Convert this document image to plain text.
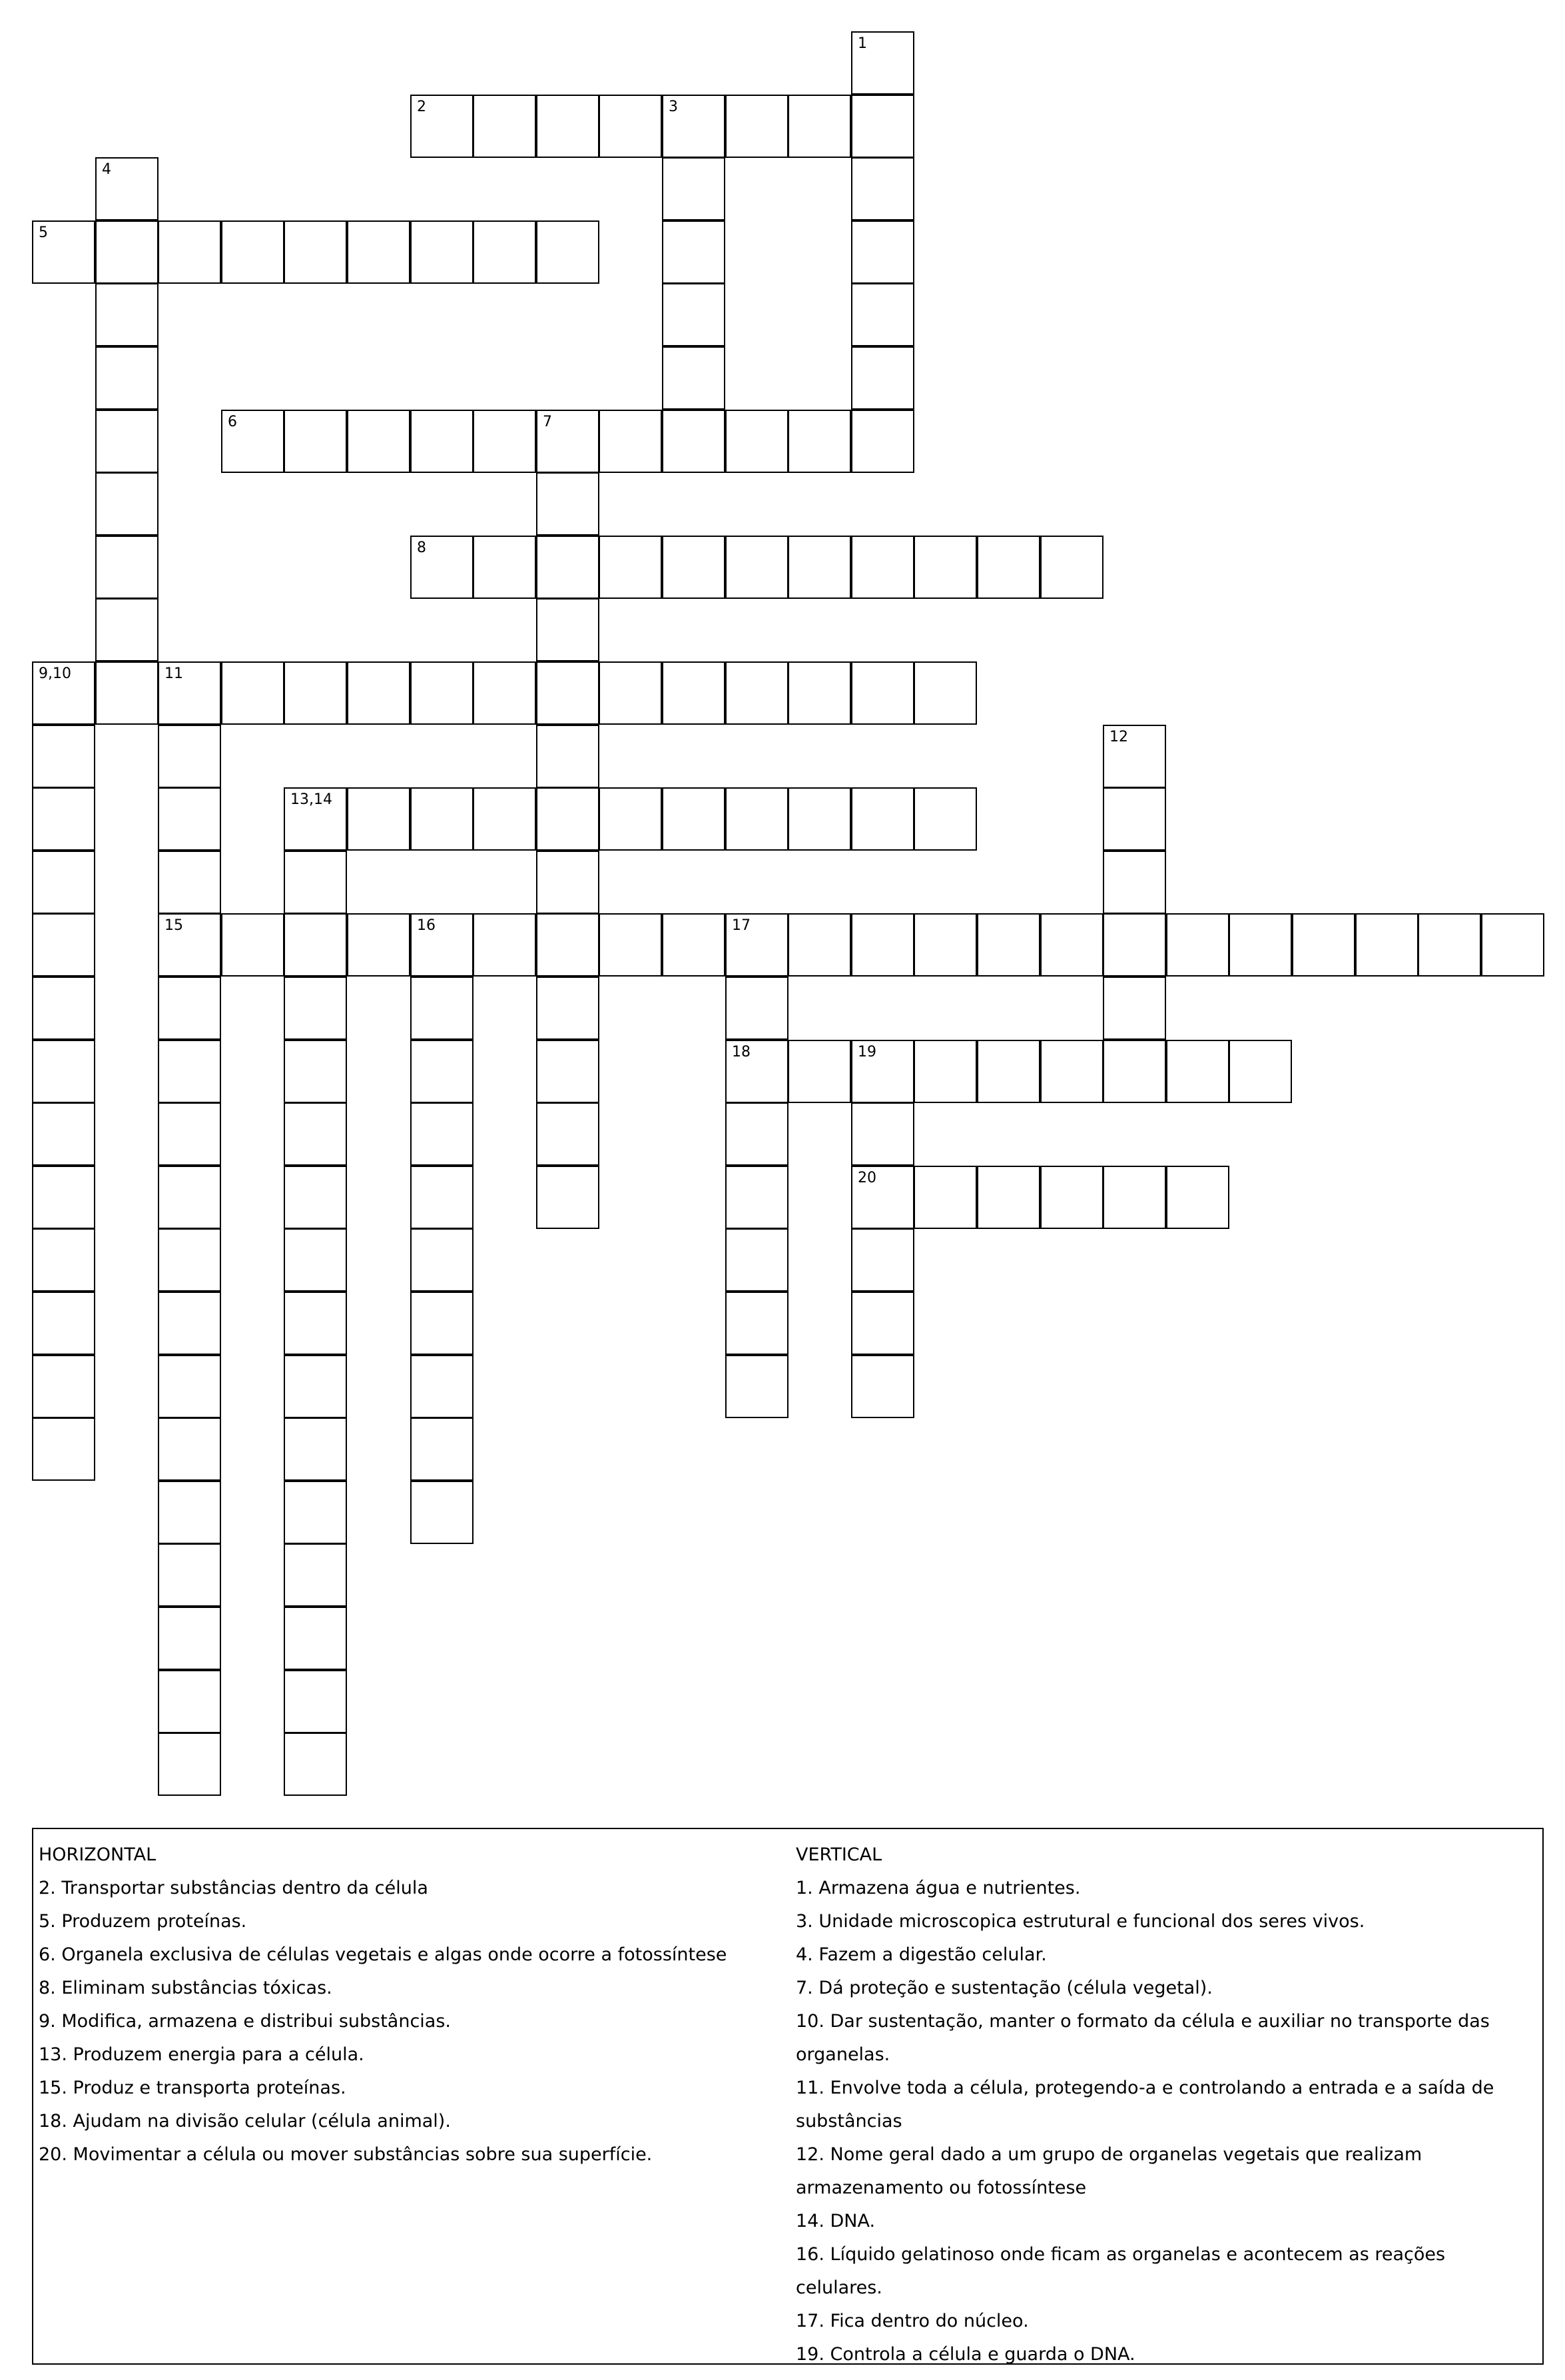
1
2	3
4
5
6	7
8
9,10	11
12
13,14
15	16	17
18	19
20

HORIZONTAL

2. Transportar substâncias dentro da célula

5. Produzem proteínas.

6. Organela exclusiva de células vegetais e algas onde ocorre a fotossíntese

8. Eliminam substâncias tóxicas.

9. Modifica, armazena e distribui substâncias.

13. Produzem energia para a célula.

15. Produz e transporta proteínas.

18. Ajudam na divisão celular (célula animal).

20. Movimentar a célula ou mover substâncias sobre sua superfície.

VERTICAL

1. Armazena água e nutrientes.

3. Unidade microscopica estrutural e funcional dos seres vivos.

4. Fazem a digestão celular.

7. Dá proteção e sustentação (célula vegetal).

10. Dar sustentação, manter o formato da célula e auxiliar no transporte das

organelas.

11. Envolve toda a célula, protegendo-a e controlando a entrada e a saída de

substâncias

12. Nome geral dado a um grupo de organelas vegetais que realizam

armazenamento ou fotossíntese

14. DNA.

16. Líquido gelatinoso onde ficam as organelas e acontecem as reações celulares.

17. Fica dentro do núcleo.

19. Controla a célula e guarda o DNA.
